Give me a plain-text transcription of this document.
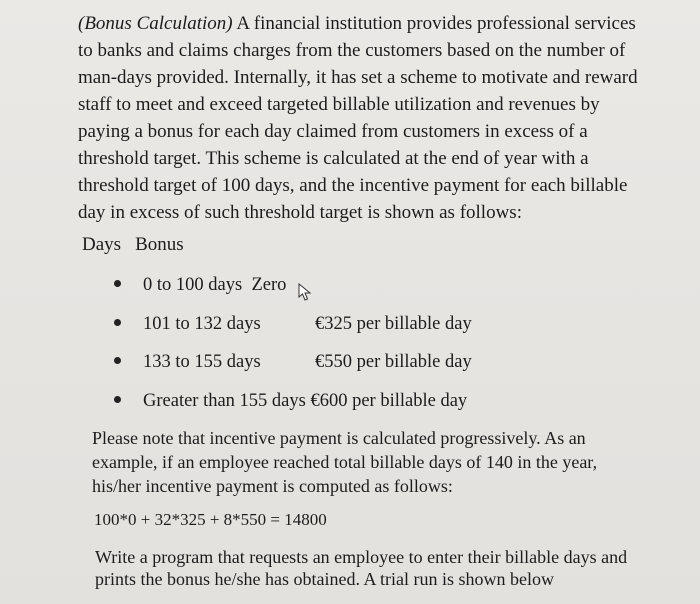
(Bonus Calculation) A financial institution provides professional services
to banks and claims charges from the customers based on the number of
man-days provided. Internally, it has set a scheme to motivate and reward
staff to meet and exceed targeted billable utilization and revenues by
paying a bonus for each day claimed from customers in excess of a
threshold target. This scheme is calculated at the end of year with a
threshold target of 100 days, and the incentive payment for each billable
day in excess of such threshold target is shown as follows:
Days Bonus
0 to 100 days Zero
101 to 132 days	€325 per billable day
133 to 155 days	€550 per billable day
Greater than 155 days €600 per billable day
Please note that incentive payment is calculated progressively. As an
example, if an employee reached total billable days of 140 in the year,
his/her incentive payment is computed as follows:
100*0 + 32*325 + 8*550 = 14800
Write a program that requests an employee to enter their billable days and
prints the bonus he/she has obtained. A trial run is shown below
